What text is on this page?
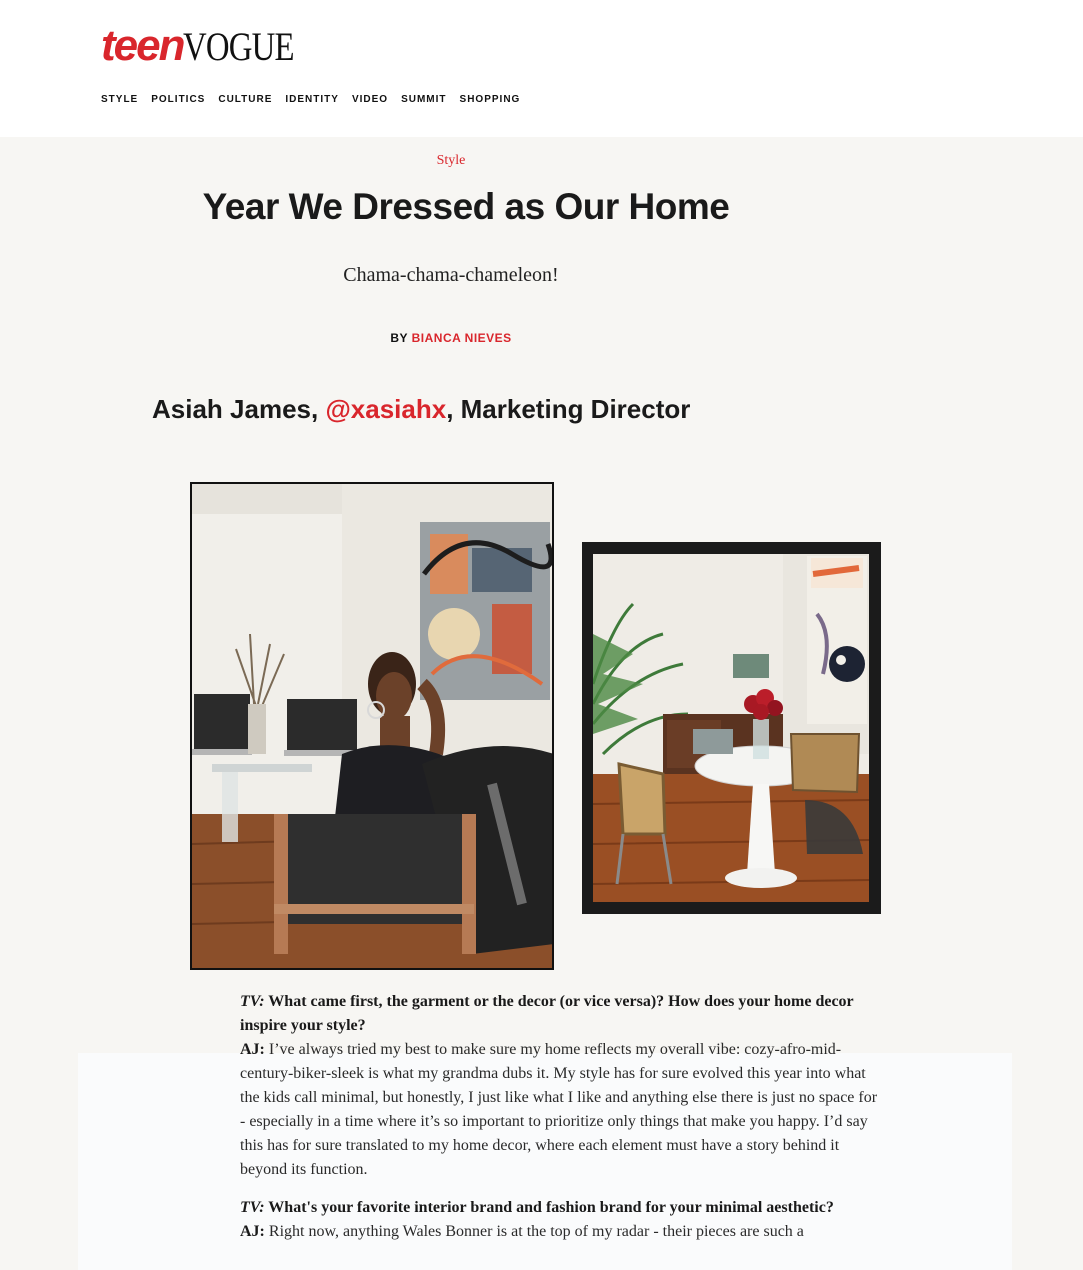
teenVOGUE
STYLE POLITICS CULTURE IDENTITY VIDEO SUMMIT SHOPPING
Style
Year We Dressed as Our Home
Chama-chama-chameleon!
BY BIANCA NIEVES
Asiah James, @xasiahx, Marketing Director

TV: What came first, the garment or the decor (or vice versa)? How does your home decor inspire your style?
AJ: I’ve always tried my best to make sure my home reflects my overall vibe: cozy-afro-mid-century-biker-sleek is what my grandma dubs it. My style has for sure evolved this year into what the kids call minimal, but honestly, I just like what I like and anything else there is just no space for - especially in a time where it’s so important to prioritize only things that make you happy. I’d say this has for sure translated to my home decor, where each element must have a story behind it beyond its function.

TV: What's your favorite interior brand and fashion brand for your minimal aesthetic?
AJ: Right now, anything Wales Bonner is at the top of my radar - their pieces are such a
